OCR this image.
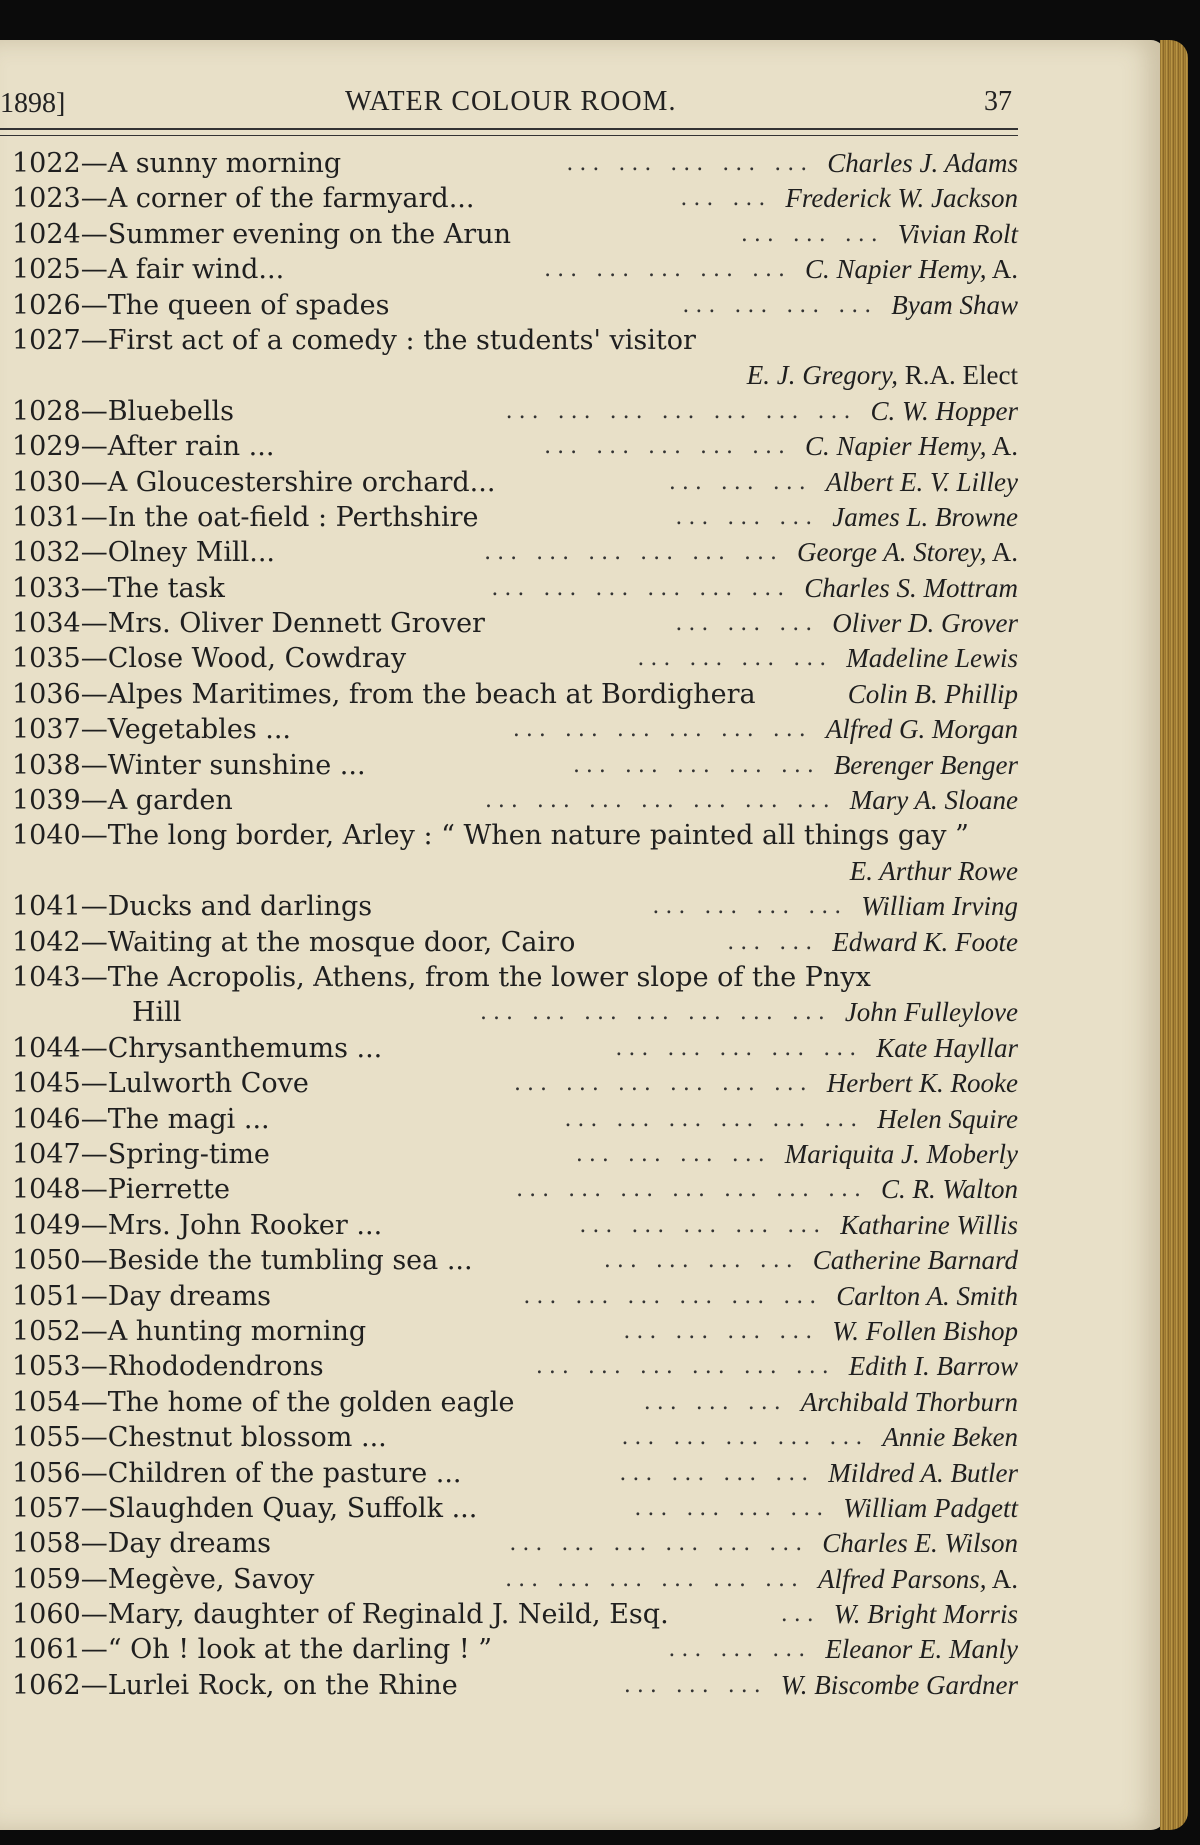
1898]	WATER COLOUR ROOM.	37
1022—A sunny morning	Charles J. Adams
... ... ... ... ...
1023—A corner of the farmyard...	Frederick W. Jackson
... ...
1024—Summer evening on the Arun	Vivian Rolt
... ... ...
1025—A fair wind...	C. Napier Hemy, A.
... ... ... ... ...
1026—The queen of spades	Byam Shaw
... ... ... ...
1027—First act of a comedy : the students' visitor
E. J. Gregory, R.A. Elect
1028—Bluebells	C. W. Hopper
... ... ... ... ... ... ...
1029—After rain ...	C. Napier Hemy, A.
... ... ... ... ...
1030—A Gloucestershire orchard...	Albert E. V. Lilley
... ... ...
1031—In the oat-field : Perthshire	James L. Browne
... ... ...
1032—Olney Mill...	George A. Storey, A.
... ... ... ... ... ...
1033—The task	Charles S. Mottram
... ... ... ... ... ...
1034—Mrs. Oliver Dennett Grover	Oliver D. Grover
... ... ...
1035—Close Wood, Cowdray	Madeline Lewis
... ... ... ...
1036—Alpes Maritimes, from the beach at Bordighera	Colin B. Phillip
1037—Vegetables ...	Alfred G. Morgan
... ... ... ... ... ...
1038—Winter sunshine ...	Berenger Benger
... ... ... ... ...
1039—A garden	Mary A. Sloane
... ... ... ... ... ... ...
1040—The long border, Arley : “ When nature painted all things gay ”
E. Arthur Rowe
1041—Ducks and darlings	William Irving
... ... ... ...
1042—Waiting at the mosque door, Cairo	Edward K. Foote
... ...
1043—The Acropolis, Athens, from the lower slope of the Pnyx
Hill	John Fulleylove
... ... ... ... ... ... ...
1044—Chrysanthemums ...	Kate Hayllar
... ... ... ... ...
1045—Lulworth Cove	Herbert K. Rooke
... ... ... ... ... ...
1046—The magi ...	Helen Squire
... ... ... ... ... ...
1047—Spring-time	Mariquita J. Moberly
... ... ... ...
1048—Pierrette	C. R. Walton
... ... ... ... ... ... ...
1049—Mrs. John Rooker ...	Katharine Willis
... ... ... ... ...
1050—Beside the tumbling sea ...	Catherine Barnard
... ... ... ...
1051—Day dreams	Carlton A. Smith
... ... ... ... ... ...
1052—A hunting morning	W. Follen Bishop
... ... ... ...
1053—Rhododendrons	Edith I. Barrow
... ... ... ... ... ...
1054—The home of the golden eagle	Archibald Thorburn
... ... ...
1055—Chestnut blossom ...	Annie Beken
... ... ... ... ...
1056—Children of the pasture ...	Mildred A. Butler
... ... ... ...
1057—Slaughden Quay, Suffolk ...	William Padgett
... ... ... ...
1058—Day dreams	Charles E. Wilson
... ... ... ... ... ...
1059—Megève, Savoy	Alfred Parsons, A.
... ... ... ... ... ...
1060—Mary, daughter of Reginald J. Neild, Esq.	W. Bright Morris
...
1061—“ Oh ! look at the darling ! ”	Eleanor E. Manly
... ... ...
1062—Lurlei Rock, on the Rhine	W. Biscombe Gardner
... ... ...
